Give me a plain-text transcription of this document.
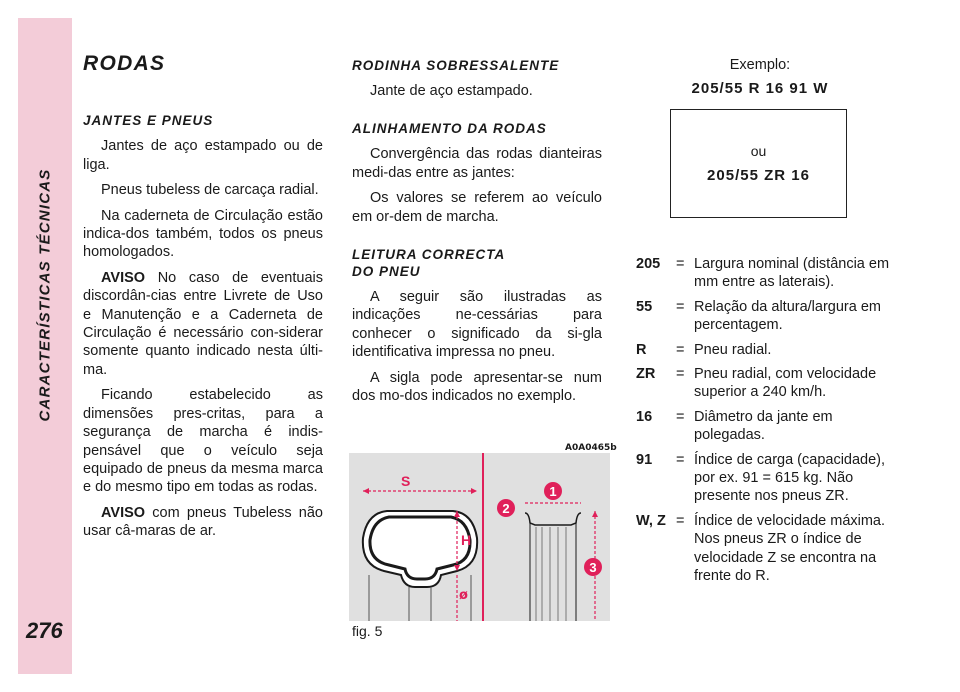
CARACTERÍSTICAS TÉCNICAS
276
RODAS
JANTES E PNEUS

Jantes de aço estampado ou de liga.

Pneus tubeless de carcaça radial.

Na caderneta de Circulação estão indica-dos também, todos os pneus homologados.

AVISO No caso de eventuais discordân-cias entre Livrete de Uso e Manutenção e a Caderneta de Circulação é necessário con-siderar somente quanto indicado nesta últi-ma.

Ficando estabelecido as dimensões pres-critas, para a segurança de marcha é indis-pensável que o veículo seja equipado de pneus da mesma marca e do mesmo tipo em todas as rodas.

AVISO com pneus Tubeless não usar câ-maras de ar.

RODINHA SOBRESSALENTE

Jante de aço estampado.

ALINHAMENTO DA RODAS

Convergência das rodas dianteiras medi-das entre as jantes:

Os valores se referem ao veículo em or-dem de marcha.

LEITURA CORRECTA
DO PNEU

A seguir são ilustradas as indicações ne-cessárias para conhecer o significado da si-gla identificativa impressa no pneu.

A sigla pode apresentar-se num dos mo-dos indicados no exemplo.

A0A0465b
S
H
ø
1
2
3
fig. 5
Exemplo:
205/55 R 16 91 W
ou
205/55 ZR 16
205	= Largura nominal (distância em mm entre as laterais).
55	= Relação da altura/largura em percentagem.
R	= Pneu radial.
ZR	= Pneu radial, com velocidade superior a 240 km/h.
16	= Diâmetro da jante em polegadas.
91	= Índice de carga (capacidade), por ex. 91 = 615 kg. Não presente nos pneus ZR.
W, Z = Índice de velocidade máxima. Nos pneus ZR o índice de velocidade Z se encontra na frente do R.
